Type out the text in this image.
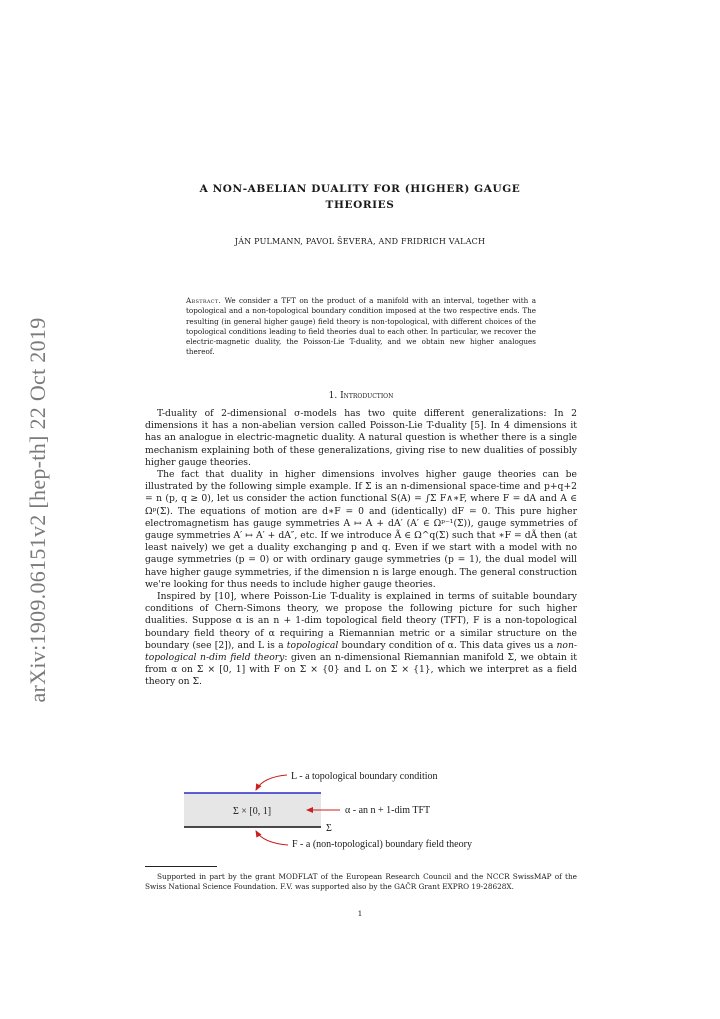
arXiv:1909.06151v2 [hep-th] 22 Oct 2019
A NON-ABELIAN DUALITY FOR (HIGHER) GAUGE
THEORIES
JÁN PULMANN, PAVOL ŠEVERA, AND FRIDRICH VALACH
Abstract. We consider a TFT on the product of a manifold with an interval, together with a topological and a non-topological boundary condition imposed at the two respective ends. The resulting (in general higher gauge) field theory is non-topological, with different choices of the topological conditions leading to field theories dual to each other. In particular, we recover the electric-magnetic duality, the Poisson-Lie T-duality, and we obtain new higher analogues thereof.
1. Introduction

T-duality of 2-dimensional σ-models has two quite different generalizations: In 2 dimensions it has a non-abelian version called Poisson-Lie T-duality [5]. In 4 dimensions it has an analogue in electric-magnetic duality. A natural question is whether there is a single mechanism explaining both of these generalizations, giving rise to new dualities of possibly higher gauge theories.

The fact that duality in higher dimensions involves higher gauge theories can be illustrated by the following simple example. If Σ is an n-dimensional space-time and p+q+2 = n (p, q ≥ 0), let us consider the action functional S(A) = ∫Σ F∧∗F, where F = dA and A ∈ Ωᵖ(Σ). The equations of motion are d∗F = 0 and (identically) dF = 0. This pure higher electromagnetism has gauge symmetries A ↦ A + dA′ (A′ ∈ Ωᵖ⁻¹(Σ)), gauge symmetries of gauge symmetries A′ ↦ A′ + dA″, etc. If we introduce Ã ∈ Ω^q(Σ) such that ∗F = dÃ then (at least naively) we get a duality exchanging p and q. Even if we start with a model with no gauge symmetries (p = 0) or with ordinary gauge symmetries (p = 1), the dual model will have higher gauge symmetries, if the dimension n is large enough. The general construction we're looking for thus needs to include higher gauge theories.

Inspired by [10], where Poisson-Lie T-duality is explained in terms of suitable boundary conditions of Chern-Simons theory, we propose the following picture for such higher dualities. Suppose α is an n + 1-dim topological field theory (TFT), F is a non-topological boundary field theory of α requiring a Riemannian metric or a similar structure on the boundary (see [2]), and L is a topological boundary condition of α. This data gives us a non-topological n-dim field theory: given an n-dimensional Riemannian manifold Σ, we obtain it from α on Σ × [0, 1] with F on Σ × {0} and L on Σ × {1}, which we interpret as a field theory on Σ.

Σ × [0, 1]
L - a topological boundary condition
α - an n + 1-dim TFT
Σ
F - a (non-topological) boundary field theory
Supported in part by the grant MODFLAT of the European Research Council and the NCCR SwissMAP of the Swiss National Science Foundation. F.V. was supported also by the GAČR Grant EXPRO 19-28628X.
1
